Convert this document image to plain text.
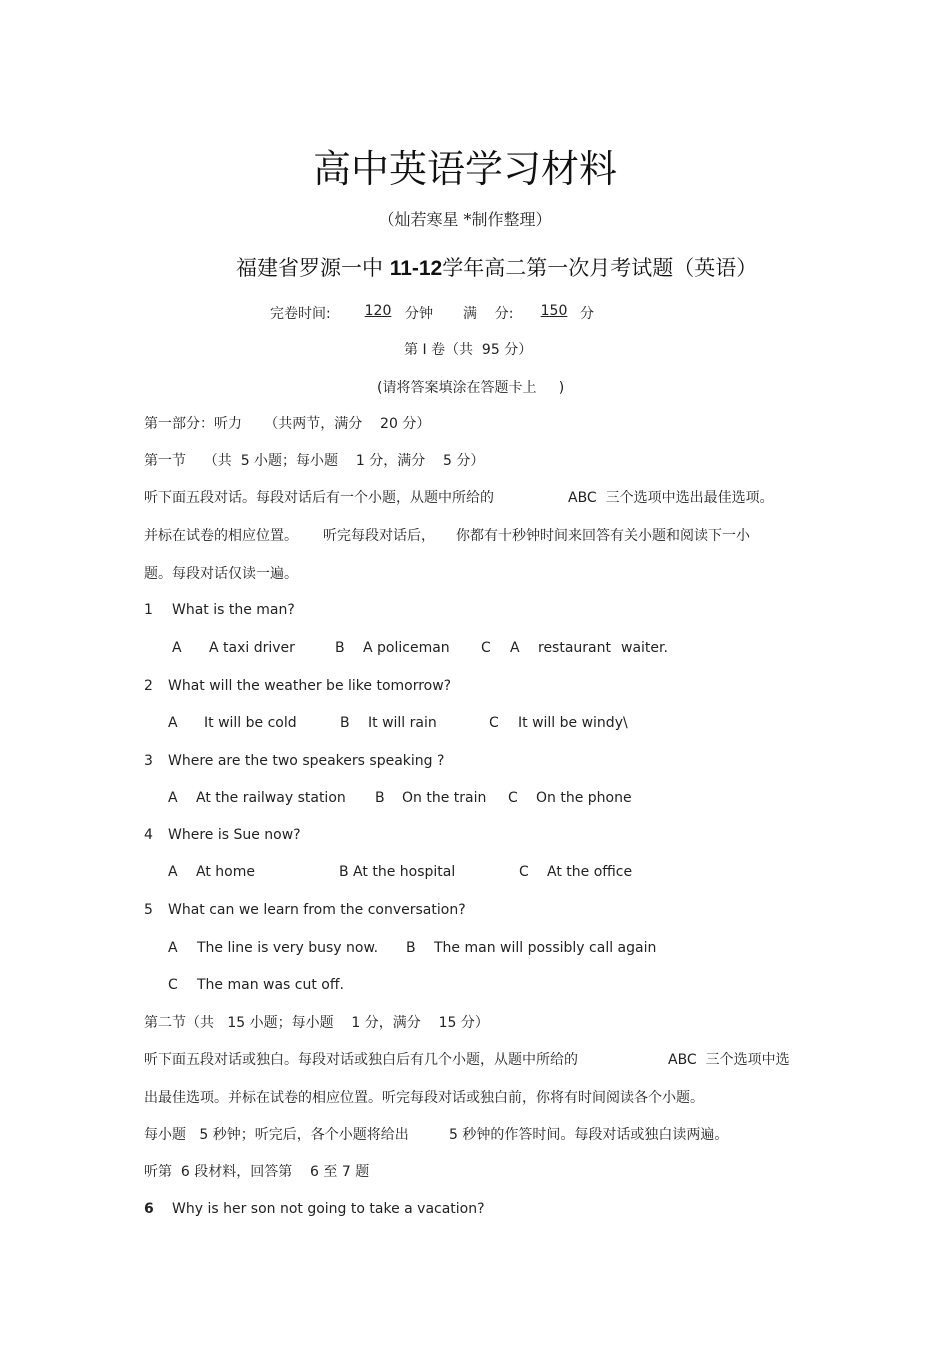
高中英语学习材料
（灿若寒星 *制作整理）
福建省罗源一中 11-12学年高二第一次月考试题（英语）
完卷时间:	120 分钟 满    分:	150 分
第 I 卷（共  95 分）
(请将答案填涂在答题卡上     )
第一部分：听力     （共两节，满分    20 分）
第一节    （共  5 小题；每小题    1 分，满分    5 分）
听下面五段对话。每段对话后有一个小题，从题中所给的	ABC  三个选项中选出最佳选项。
并标在试卷的相应位置。 听完每段对话后， 你都有十秒钟时间来回答有关小题和阅读下一小
题。每段对话仅读一遍。
1 What is the man?
A A taxi driver	B A policeman C A restaurant waiter.
2 What will the weather be like tomorrow?
A It will be cold	B It will rain	C It will be windy\
3 Where are the two speakers speaking ?
A At the railway station B On the train C On the phone
4 Where is Sue now?
A At home	B At the hospital	C At the office
5 What can we learn from the conversation?
A The line is very busy now. B The man will possibly call again
C The man was cut off.
第二节（共   15 小题；每小题    1 分，满分    15 分）
听下面五段对话或独白。每段对话或独白后有几个小题，从题中所给的	ABC  三个选项中选
出最佳选项。并标在试卷的相应位置。听完每段对话或独白前，你将有时间阅读各个小题。
每小题   5 秒钟；听完后，各个小题将给出	5 秒钟的作答时间。每段对话或独白读两遍。
听第  6 段材料，回答第    6 至 7 题
6 Why is her son not going to take a vacation?
